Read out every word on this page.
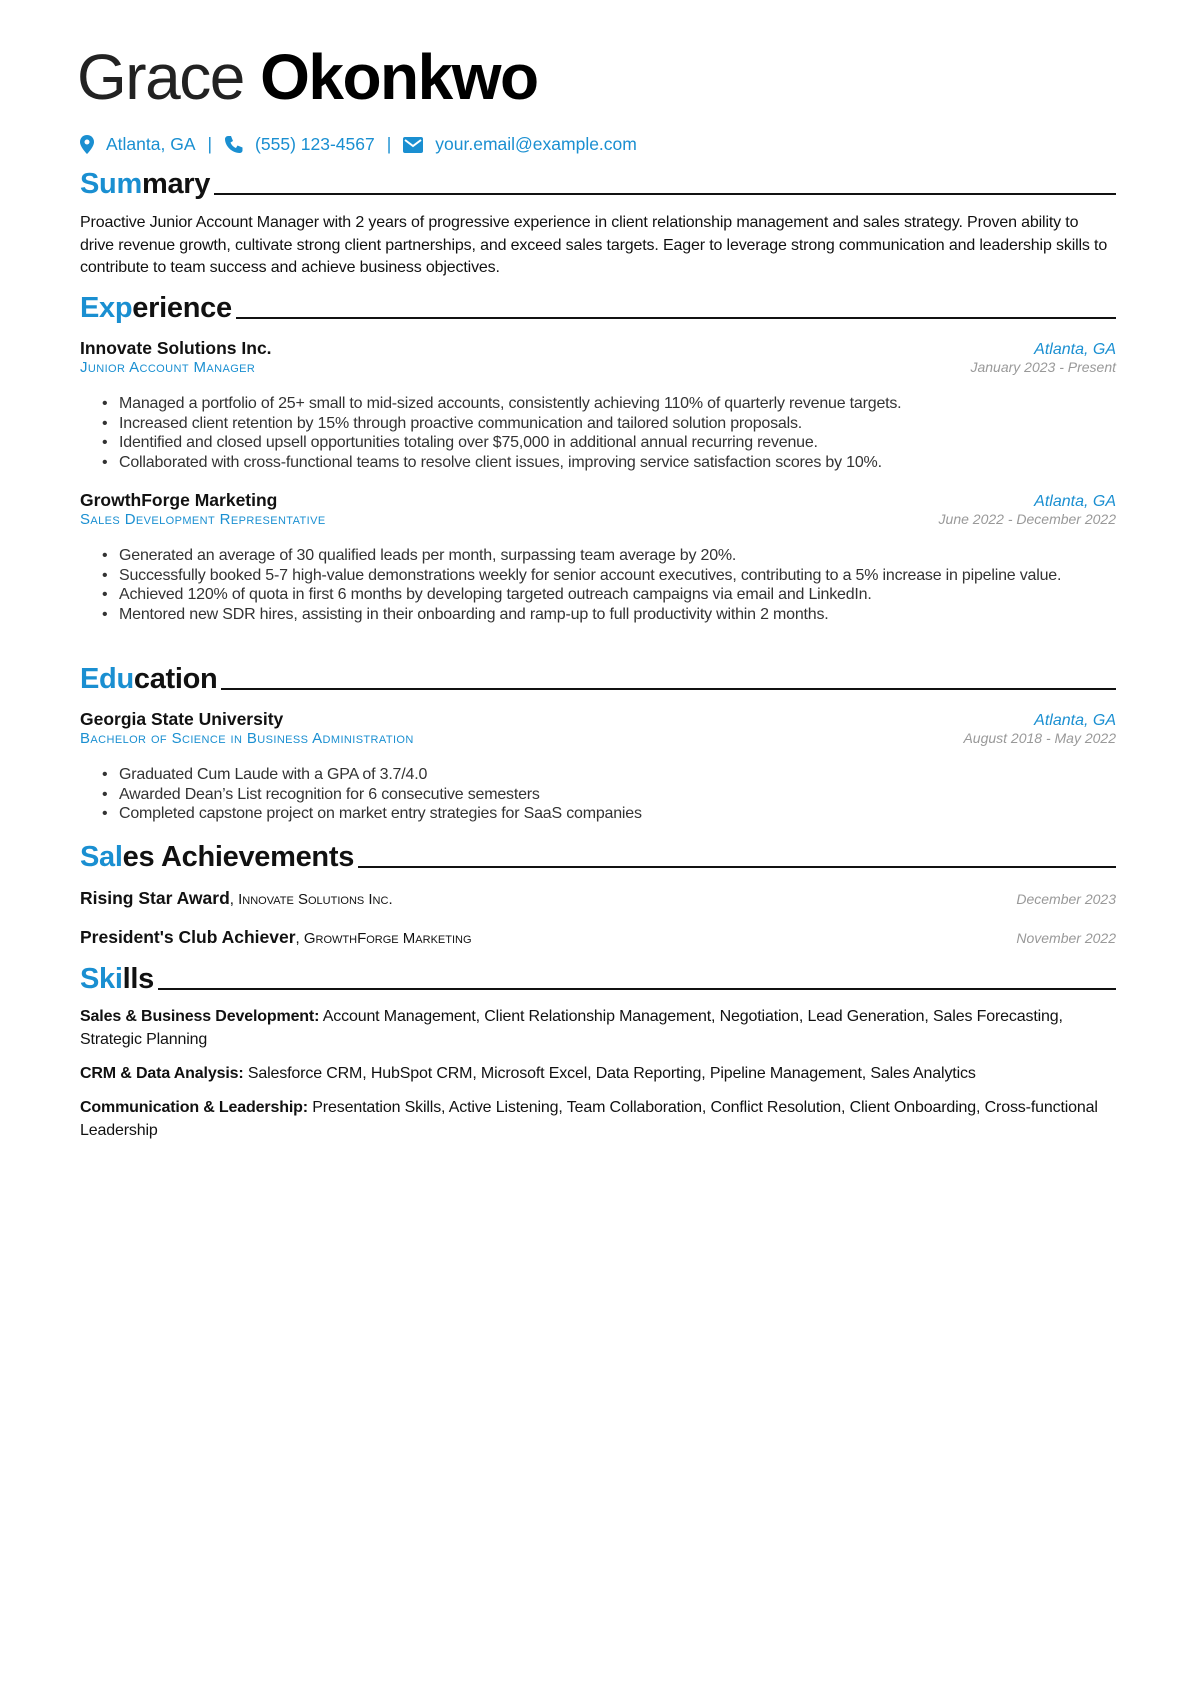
Grace Okonkwo
Atlanta, GA | (555) 123-4567 |	your.email@example.com
Summary
Proactive Junior Account Manager with 2 years of progressive experience in client relationship management and sales strategy. Proven ability to drive revenue growth, cultivate strong client partnerships, and exceed sales targets. Eager to leverage strong communication and leadership skills to contribute to team success and achieve business objectives.
Experience
Innovate Solutions Inc.	Atlanta, GA
Junior Account Manager	January 2023 - Present
• Managed a portfolio of 25+ small to mid-sized accounts, consistently achieving 110% of quarterly revenue targets.
• Increased client retention by 15% through proactive communication and tailored solution proposals.
• Identified and closed upsell opportunities totaling over $75,000 in additional annual recurring revenue.
• Collaborated with cross-functional teams to resolve client issues, improving service satisfaction scores by 10%.
GrowthForge Marketing	Atlanta, GA
Sales Development Representative	June 2022 - December 2022
• Generated an average of 30 qualified leads per month, surpassing team average by 20%.
• Successfully booked 5-7 high-value demonstrations weekly for senior account executives, contributing to a 5% increase in pipeline value.
• Achieved 120% of quota in first 6 months by developing targeted outreach campaigns via email and LinkedIn.
• Mentored new SDR hires, assisting in their onboarding and ramp-up to full productivity within 2 months.
Education
Georgia State University	Atlanta, GA
Bachelor of Science in Business Administration	August 2018 - May 2022
• Graduated Cum Laude with a GPA of 3.7/4.0
• Awarded Dean’s List recognition for 6 consecutive semesters
• Completed capstone project on market entry strategies for SaaS companies
Sales Achievements
Rising Star Award, Innovate Solutions Inc.	December 2023
President's Club Achiever, GrowthForge Marketing	November 2022
Skills
Sales & Business Development: Account Management, Client Relationship Management, Negotiation, Lead Generation, Sales Forecasting, Strategic Planning
CRM & Data Analysis: Salesforce CRM, HubSpot CRM, Microsoft Excel, Data Reporting, Pipeline Management, Sales Analytics
Communication & Leadership: Presentation Skills, Active Listening, Team Collaboration, Conflict Resolution, Client Onboarding, Cross-functional Leadership
